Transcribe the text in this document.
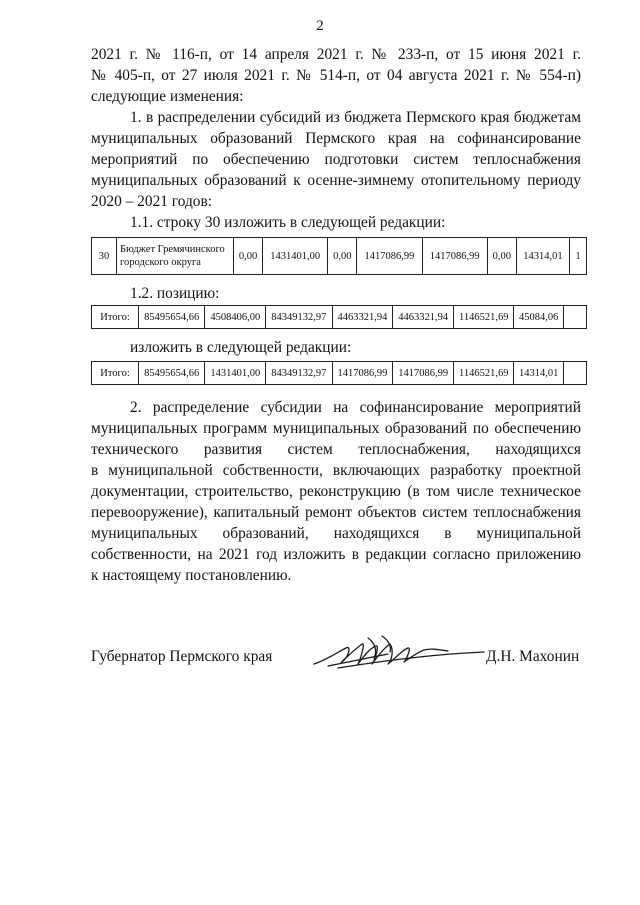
2
2021 г. № 116-п, от 14 апреля 2021 г. № 233-п, от 15 июня 2021 г.
№ 405-п, от 27 июля 2021 г. № 514-п, от 04 августа 2021 г. № 554-п)
следующие изменения:
1. в распределении субсидий из бюджета Пермского края бюджетам
муниципальных образований Пермского края на софинансирование
мероприятий по обеспечению подготовки систем теплоснабжения
муниципальных образований к осенне-зимнему отопительному периоду
2020 – 2021 годов:
1.1. строку 30 изложить в следующей редакции:
30	Бюджет Гремячинского городского округа	0,00	1431401,00	0,00	1417086,99	1417086,99	0,00	14314,01	1
1.2. позицию:
Итого:	85495654,66	4508406,00	84349132,97	4463321,94	4463321,94	1146521,69	45084,06	
изложить в следующей редакции:
Итого:	85495654,66	1431401,00	84349132,97	1417086,99	1417086,99	1146521,69	14314,01	
2. распределение субсидии на софинансирование мероприятий
муниципальных программ муниципальных образований по обеспечению
технического развития систем теплоснабжения, находящихся
в муниципальной собственности, включающих разработку проектной
документации, строительство, реконструкцию (в том числе техническое
перевооружение), капитальный ремонт объектов систем теплоснабжения
муниципальных образований, находящихся в муниципальной
собственности, на 2021 год изложить в редакции согласно приложению
к настоящему постановлению.
Губернатор Пермского края	Д.Н. Махонин
